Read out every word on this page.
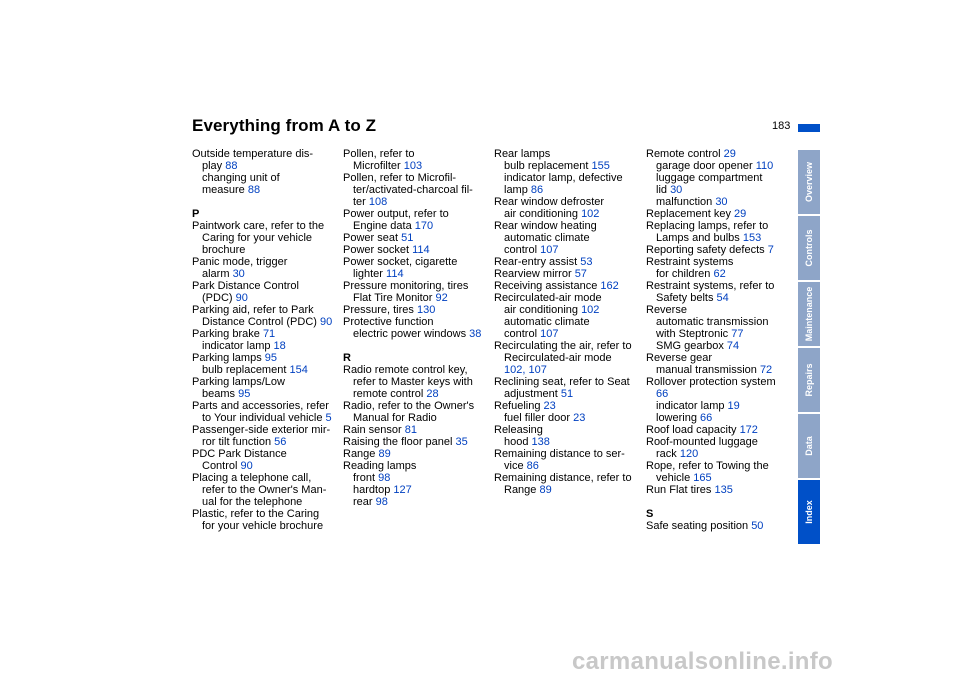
Everything from A to Z	183
Outside temperature dis-
play 88
changing unit of
measure 88
P
Paintwork care, refer to the
Caring for your vehicle
brochure
Panic mode, trigger
alarm 30
Park Distance Control
(PDC) 90
Parking aid, refer to Park
Distance Control (PDC) 90
Parking brake 71
indicator lamp 18
Parking lamps 95
bulb replacement 154
Parking lamps/Low
beams 95
Parts and accessories, refer
to Your individual vehicle 5
Passenger-side exterior mir-
ror tilt function 56
PDC Park Distance
Control 90
Placing a telephone call,
refer to the Owner's Man-
ual for the telephone
Plastic, refer to the Caring
for your vehicle brochure
Pollen, refer to
Microfilter 103
Pollen, refer to Microfil-
ter/activated-charcoal fil-
ter 108
Power output, refer to
Engine data 170
Power seat 51
Power socket 114
Power socket, cigarette
lighter 114
Pressure monitoring, tires
Flat Tire Monitor 92
Pressure, tires 130
Protective function
electric power windows 38
R
Radio remote control key,
refer to Master keys with
remote control 28
Radio, refer to the Owner's
Manual for Radio
Rain sensor 81
Raising the floor panel 35
Range 89
Reading lamps
front 98
hardtop 127
rear 98
Rear lamps
bulb replacement 155
indicator lamp, defective
lamp 86
Rear window defroster
air conditioning 102
Rear window heating
automatic climate
control 107
Rear-entry assist 53
Rearview mirror 57
Receiving assistance 162
Recirculated-air mode
air conditioning 102
automatic climate
control 107
Recirculating the air, refer to
Recirculated-air mode
102, 107
Reclining seat, refer to Seat
adjustment 51
Refueling 23
fuel filler door 23
Releasing
hood 138
Remaining distance to ser-
vice 86
Remaining distance, refer to
Range 89
Remote control 29
garage door opener 110
luggage compartment
lid 30
malfunction 30
Replacement key 29
Replacing lamps, refer to
Lamps and bulbs 153
Reporting safety defects 7
Restraint systems
for children 62
Restraint systems, refer to
Safety belts 54
Reverse
automatic transmission
with Steptronic 77
SMG gearbox 74
Reverse gear
manual transmission 72
Rollover protection system
66
indicator lamp 19
lowering 66
Roof load capacity 172
Roof-mounted luggage
rack 120
Rope, refer to Towing the
vehicle 165
Run Flat tires 135
S
Safe seating position 50
Overview
Controls
Maintenance
Repairs
Data
Index
carmanualsonline.info
